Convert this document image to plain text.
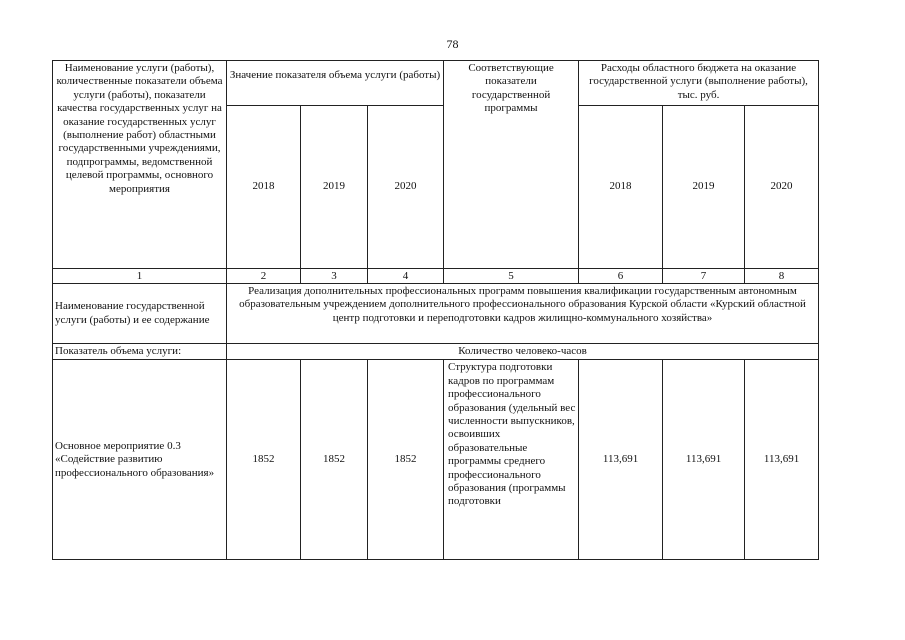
78
Наименование услуги (работы), количественные показатели объема услуги (работы), показатели качества государственных услуг на оказание государственных услуг (выполнение работ) областными государственными учреждениями, подпрограммы, ведомственной целевой программы, основного мероприятия	Значение показателя объема услуги (работы)			Соответствующие показатели государственной программы	Расходы областного бюджета на оказание государственной услуги (выполнение работы), тыс. руб.		
	2018	2019	2020		2018	2019	2020
1	2	3	4	5	6	7	8
Наименование государственной услуги (работы) и ее содержание	Реализация дополнительных профессиональных программ повышения квалификации государственным автономным образовательным учреждением дополнительного профессионального образования Курской области «Курский областной центр подготовки и переподготовки кадров жилищно-коммунального хозяйства»						
Показатель объема услуги:	Количество человеко-часов						
Основное мероприятие 0.3 «Содействие развитию профессионального образования»	1852	1852	1852	Структура подготовки кадров по программам профессионального образования (удельный вес численности выпускников, освоивших образовательные программы среднего профессионального образования (программы подготовки	113,691	113,691	113,691
